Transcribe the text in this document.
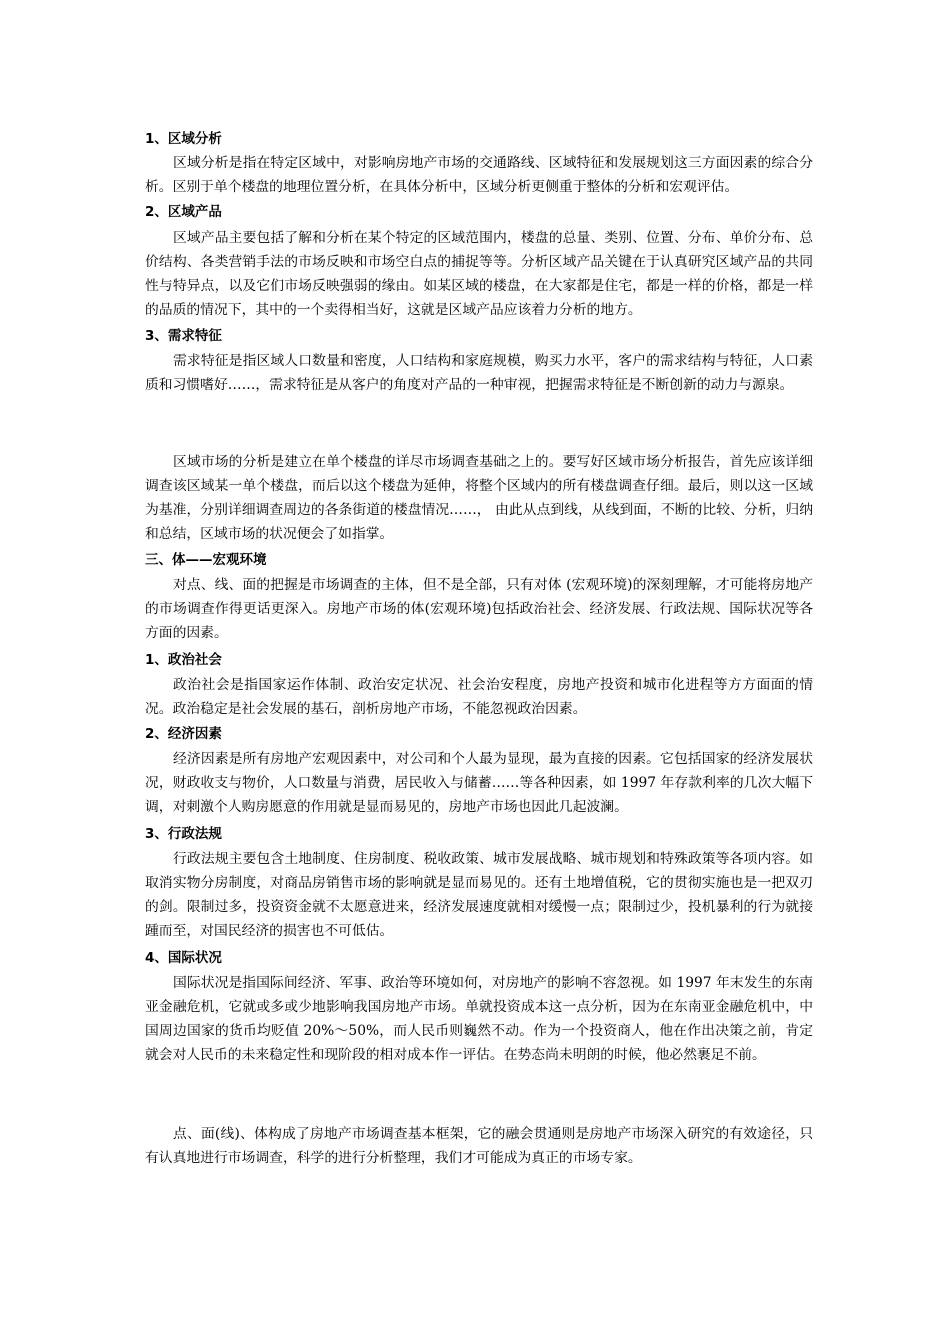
1、区域分析

区域分析是指在特定区域中，对影响房地产市场的交通路线、区域特征和发展规划这三方面因素的综合分析。区别于单个楼盘的地理位置分析，在具体分析中，区域分析更侧重于整体的分析和宏观评估。

2、区域产品

区域产品主要包括了解和分析在某个特定的区域范围内，楼盘的总量、类别、位置、分布、单价分布、总价结构、各类营销手法的市场反映和市场空白点的捕捉等等。分析区域产品关键在于认真研究区域产品的共同性与特异点，以及它们市场反映强弱的缘由。如某区域的楼盘，在大家都是住宅，都是一样的价格，都是一样的品质的情况下，其中的一个卖得相当好，这就是区域产品应该着力分析的地方。

3、需求特征

需求特征是指区域人口数量和密度，人口结构和家庭规模，购买力水平，客户的需求结构与特征，人口素质和习惯嗜好……，需求特征是从客户的角度对产品的一种审视，把握需求特征是不断创新的动力与源泉。

区域市场的分析是建立在单个楼盘的详尽市场调查基础之上的。要写好区域市场分析报告，首先应该详细调查该区域某一单个楼盘，而后以这个楼盘为延伸，将整个区域内的所有楼盘调查仔细。最后，则以这一区域为基准，分别详细调查周边的各条街道的楼盘情况……， 由此从点到线，从线到面，不断的比较、分析，归纳和总结，区域市场的状况便会了如指掌。

三、体——宏观环境

对点、线、面的把握是市场调查的主体，但不是全部，只有对体 (宏观环境)的深刻理解，才可能将房地产的市场调查作得更话更深入。房地产市场的体(宏观环境)包括政治社会、经济发展、行政法规、国际状况等各方面的因素。

1、政治社会

政治社会是指国家运作体制、政治安定状况、社会治安程度，房地产投资和城市化进程等方方面面的情况。政治稳定是社会发展的基石，剖析房地产市场，不能忽视政治因素。

2、经济因素

经济因素是所有房地产宏观因素中，对公司和个人最为显现，最为直接的因素。它包括国家的经济发展状况，财政收支与物价，人口数量与消费，居民收入与储蓄……等各种因素，如 1997 年存款利率的几次大幅下调，对刺激个人购房愿意的作用就是显而易见的，房地产市场也因此几起波澜。

3、行政法规

行政法规主要包含土地制度、住房制度、税收政策、城市发展战略、城市规划和特殊政策等各项内容。如取消实物分房制度，对商品房销售市场的影响就是显而易见的。还有土地增值税，它的贯彻实施也是一把双刃的剑。限制过多，投资资金就不太愿意进来，经济发展速度就相对缓慢一点；限制过少，投机暴利的行为就接踵而至，对国民经济的损害也不可低估。

4、国际状况

国际状况是指国际间经济、军事、政治等环境如何，对房地产的影响不容忽视。如 1997 年末发生的东南亚金融危机，它就或多或少地影响我国房地产市场。单就投资成本这一点分析，因为在东南亚金融危机中，中国周边国家的货币均贬值 20%～50%，而人民币则巍然不动。作为一个投资商人，他在作出决策之前，肯定就会对人民币的未来稳定性和现阶段的相对成本作一评估。在势态尚未明朗的时候，他必然裹足不前。

点、面(线)、体构成了房地产市场调查基本框架，它的融会贯通则是房地产市场深入研究的有效途径，只有认真地进行市场调查，科学的进行分析整理，我们才可能成为真正的市场专家。
